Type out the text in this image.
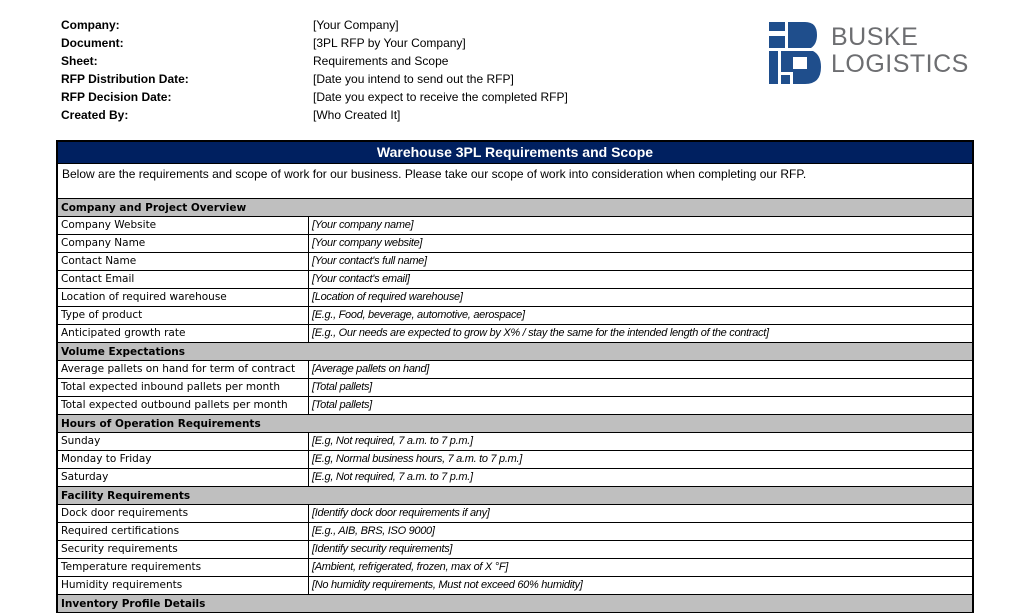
Company:	[Your Company]
Document:	[3PL RFP by Your Company]
Sheet:	Requirements and Scope
RFP Distribution Date:	[Date you intend to send out the RFP]
RFP Decision Date:	[Date you expect to receive the completed RFP]
Created By:	[Who Created It]
BUSKE
LOGISTICS
Warehouse 3PL Requirements and Scope
Below are the requirements and scope of work for our business. Please take our scope of work into consideration when completing our RFP.
Company and Project Overview
Company Website	[Your company name]
Company Name	[Your company website]
Contact Name	[Your contact's full name]
Contact Email	[Your contact's email]
Location of required warehouse	[Location of required warehouse]
Type of product	[E.g., Food, beverage, automotive, aerospace]
Anticipated growth rate	[E.g., Our needs are expected to grow by X% / stay the same for the intended length of the contract]
Volume Expectations
Average pallets on hand for term of contract	[Average pallets on hand]
Total expected inbound pallets per month	[Total pallets]
Total expected outbound pallets per month	[Total pallets]
Hours of Operation Requirements
Sunday	[E.g, Not required, 7 a.m. to 7 p.m.]
Monday to Friday	[E.g, Normal business hours, 7 a.m. to 7 p.m.]
Saturday	[E.g, Not required, 7 a.m. to 7 p.m.]
Facility Requirements
Dock door requirements	[Identify dock door requirements if any]
Required certifications	[E.g., AIB, BRS, ISO 9000]
Security requirements	[Identify security requirements]
Temperature requirements	[Ambient, refrigerated, frozen, max of X °F]
Humidity requirements	[No humidity requirements, Must not exceed 60% humidity]
Inventory Profile Details
